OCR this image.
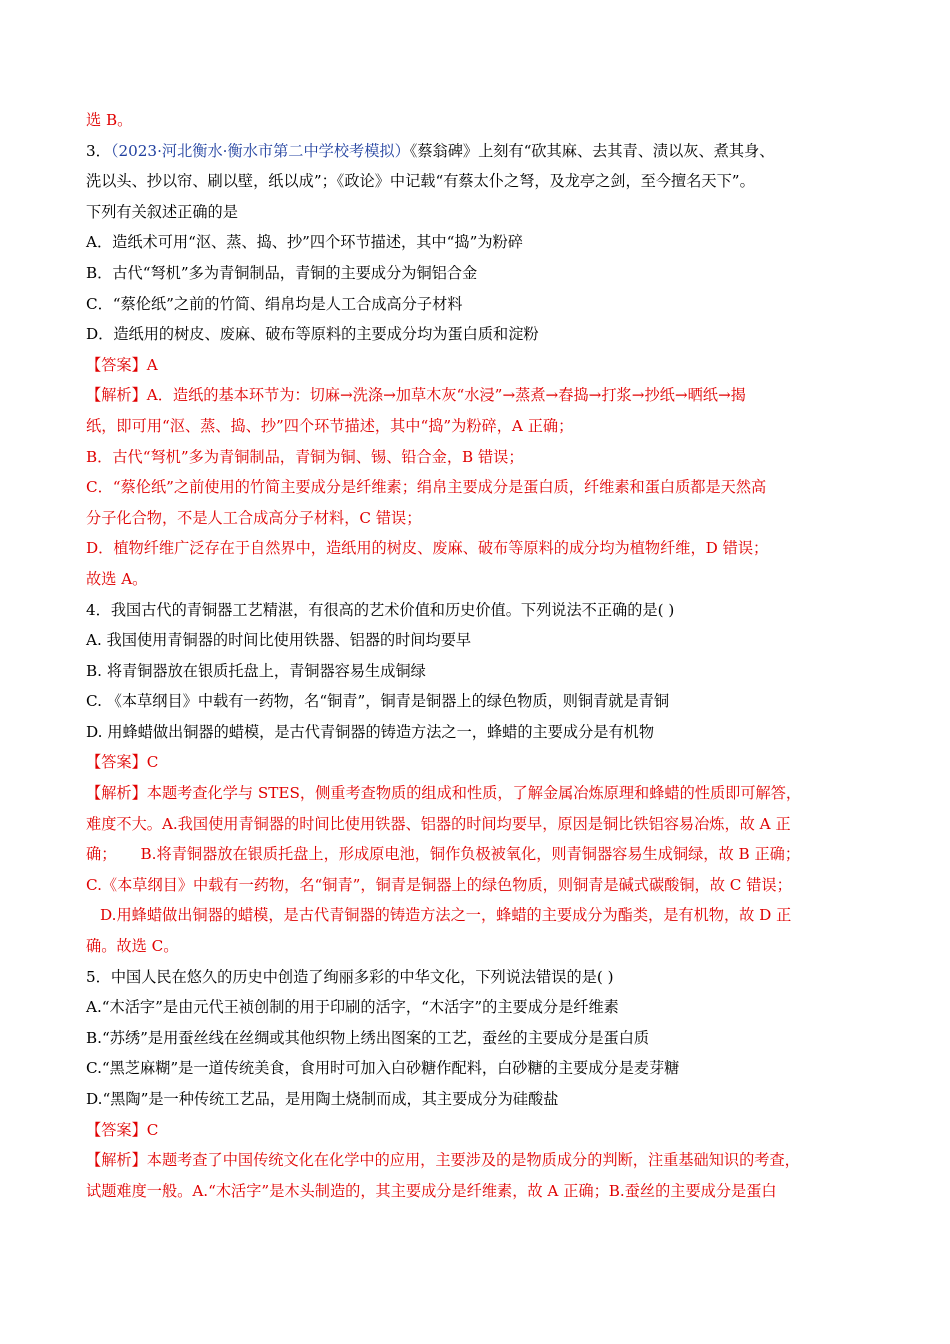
选 B。
3．（2023·河北衡水·衡水市第二中学校考模拟）《蔡翁碑》上刻有“砍其麻、去其青、渍以灰、煮其身、
洗以头、抄以帘、刷以壁，纸以成”；《政论》中记载“有蔡太仆之弩，及龙亭之剑，至今擅名天下”。
下列有关叙述正确的是
A．造纸术可用“沤、蒸、捣、抄”四个环节描述，其中“捣”为粉碎
B．古代“弩机”多为青铜制品，青铜的主要成分为铜铝合金
C．“蔡伦纸”之前的竹简、绢帛均是人工合成高分子材料
D．造纸用的树皮、废麻、破布等原料的主要成分均为蛋白质和淀粉
【答案】A
【解析】A．造纸的基本环节为：切麻→洗涤→加草木灰“水浸”→蒸煮→舂捣→打浆→抄纸→晒纸→揭
纸，即可用“沤、蒸、捣、抄”四个环节描述，其中“捣”为粉碎，A 正确；
B．古代“弩机”多为青铜制品，青铜为铜、锡、铅合金，B 错误；
C．“蔡伦纸”之前使用的竹简主要成分是纤维素；绢帛主要成分是蛋白质，纤维素和蛋白质都是天然高
分子化合物，不是人工合成高分子材料，C 错误；
D．植物纤维广泛存在于自然界中，造纸用的树皮、废麻、破布等原料的成分均为植物纤维，D 错误；
故选 A。
4．我国古代的青铜器工艺精湛，有很高的艺术价值和历史价值。下列说法不正确的是( )
A. 我国使用青铜器的时间比使用铁器、铝器的时间均要早
B. 将青铜器放在银质托盘上，青铜器容易生成铜绿
C. 《本草纲目》中载有一药物，名“铜青”，铜青是铜器上的绿色物质，则铜青就是青铜
D. 用蜂蜡做出铜器的蜡模，是古代青铜器的铸造方法之一，蜂蜡的主要成分是有机物
【答案】C
【解析】本题考查化学与 STES，侧重考查物质的组成和性质，了解金属冶炼原理和蜂蜡的性质即可解答，
难度不大。A.我国使用青铜器的时间比使用铁器、铝器的时间均要早，原因是铜比铁铝容易冶炼，故 A 正
确；     B.将青铜器放在银质托盘上，形成原电池，铜作负极被氧化，则青铜器容易生成铜绿，故 B 正确；
C.《本草纲目》中载有一药物，名“铜青”，铜青是铜器上的绿色物质，则铜青是碱式碳酸铜，故 C 错误；
D.用蜂蜡做出铜器的蜡模，是古代青铜器的铸造方法之一，蜂蜡的主要成分为酯类，是有机物，故 D 正
确。故选 C。
5．中国人民在悠久的历史中创造了绚丽多彩的中华文化，下列说法错误的是( )
A.“木活字”是由元代王祯创制的用于印刷的活字，“木活字”的主要成分是纤维素
B.“苏绣”是用蚕丝线在丝绸或其他织物上绣出图案的工艺，蚕丝的主要成分是蛋白质
C.“黑芝麻糊”是一道传统美食，食用时可加入白砂糖作配料，白砂糖的主要成分是麦芽糖
D.“黑陶”是一种传统工艺品，是用陶土烧制而成，其主要成分为硅酸盐
【答案】C
【解析】本题考查了中国传统文化在化学中的应用，主要涉及的是物质成分的判断，注重基础知识的考查，
试题难度一般。A.“木活字”是木头制造的，其主要成分是纤维素，故 A 正确；B.蚕丝的主要成分是蛋白
